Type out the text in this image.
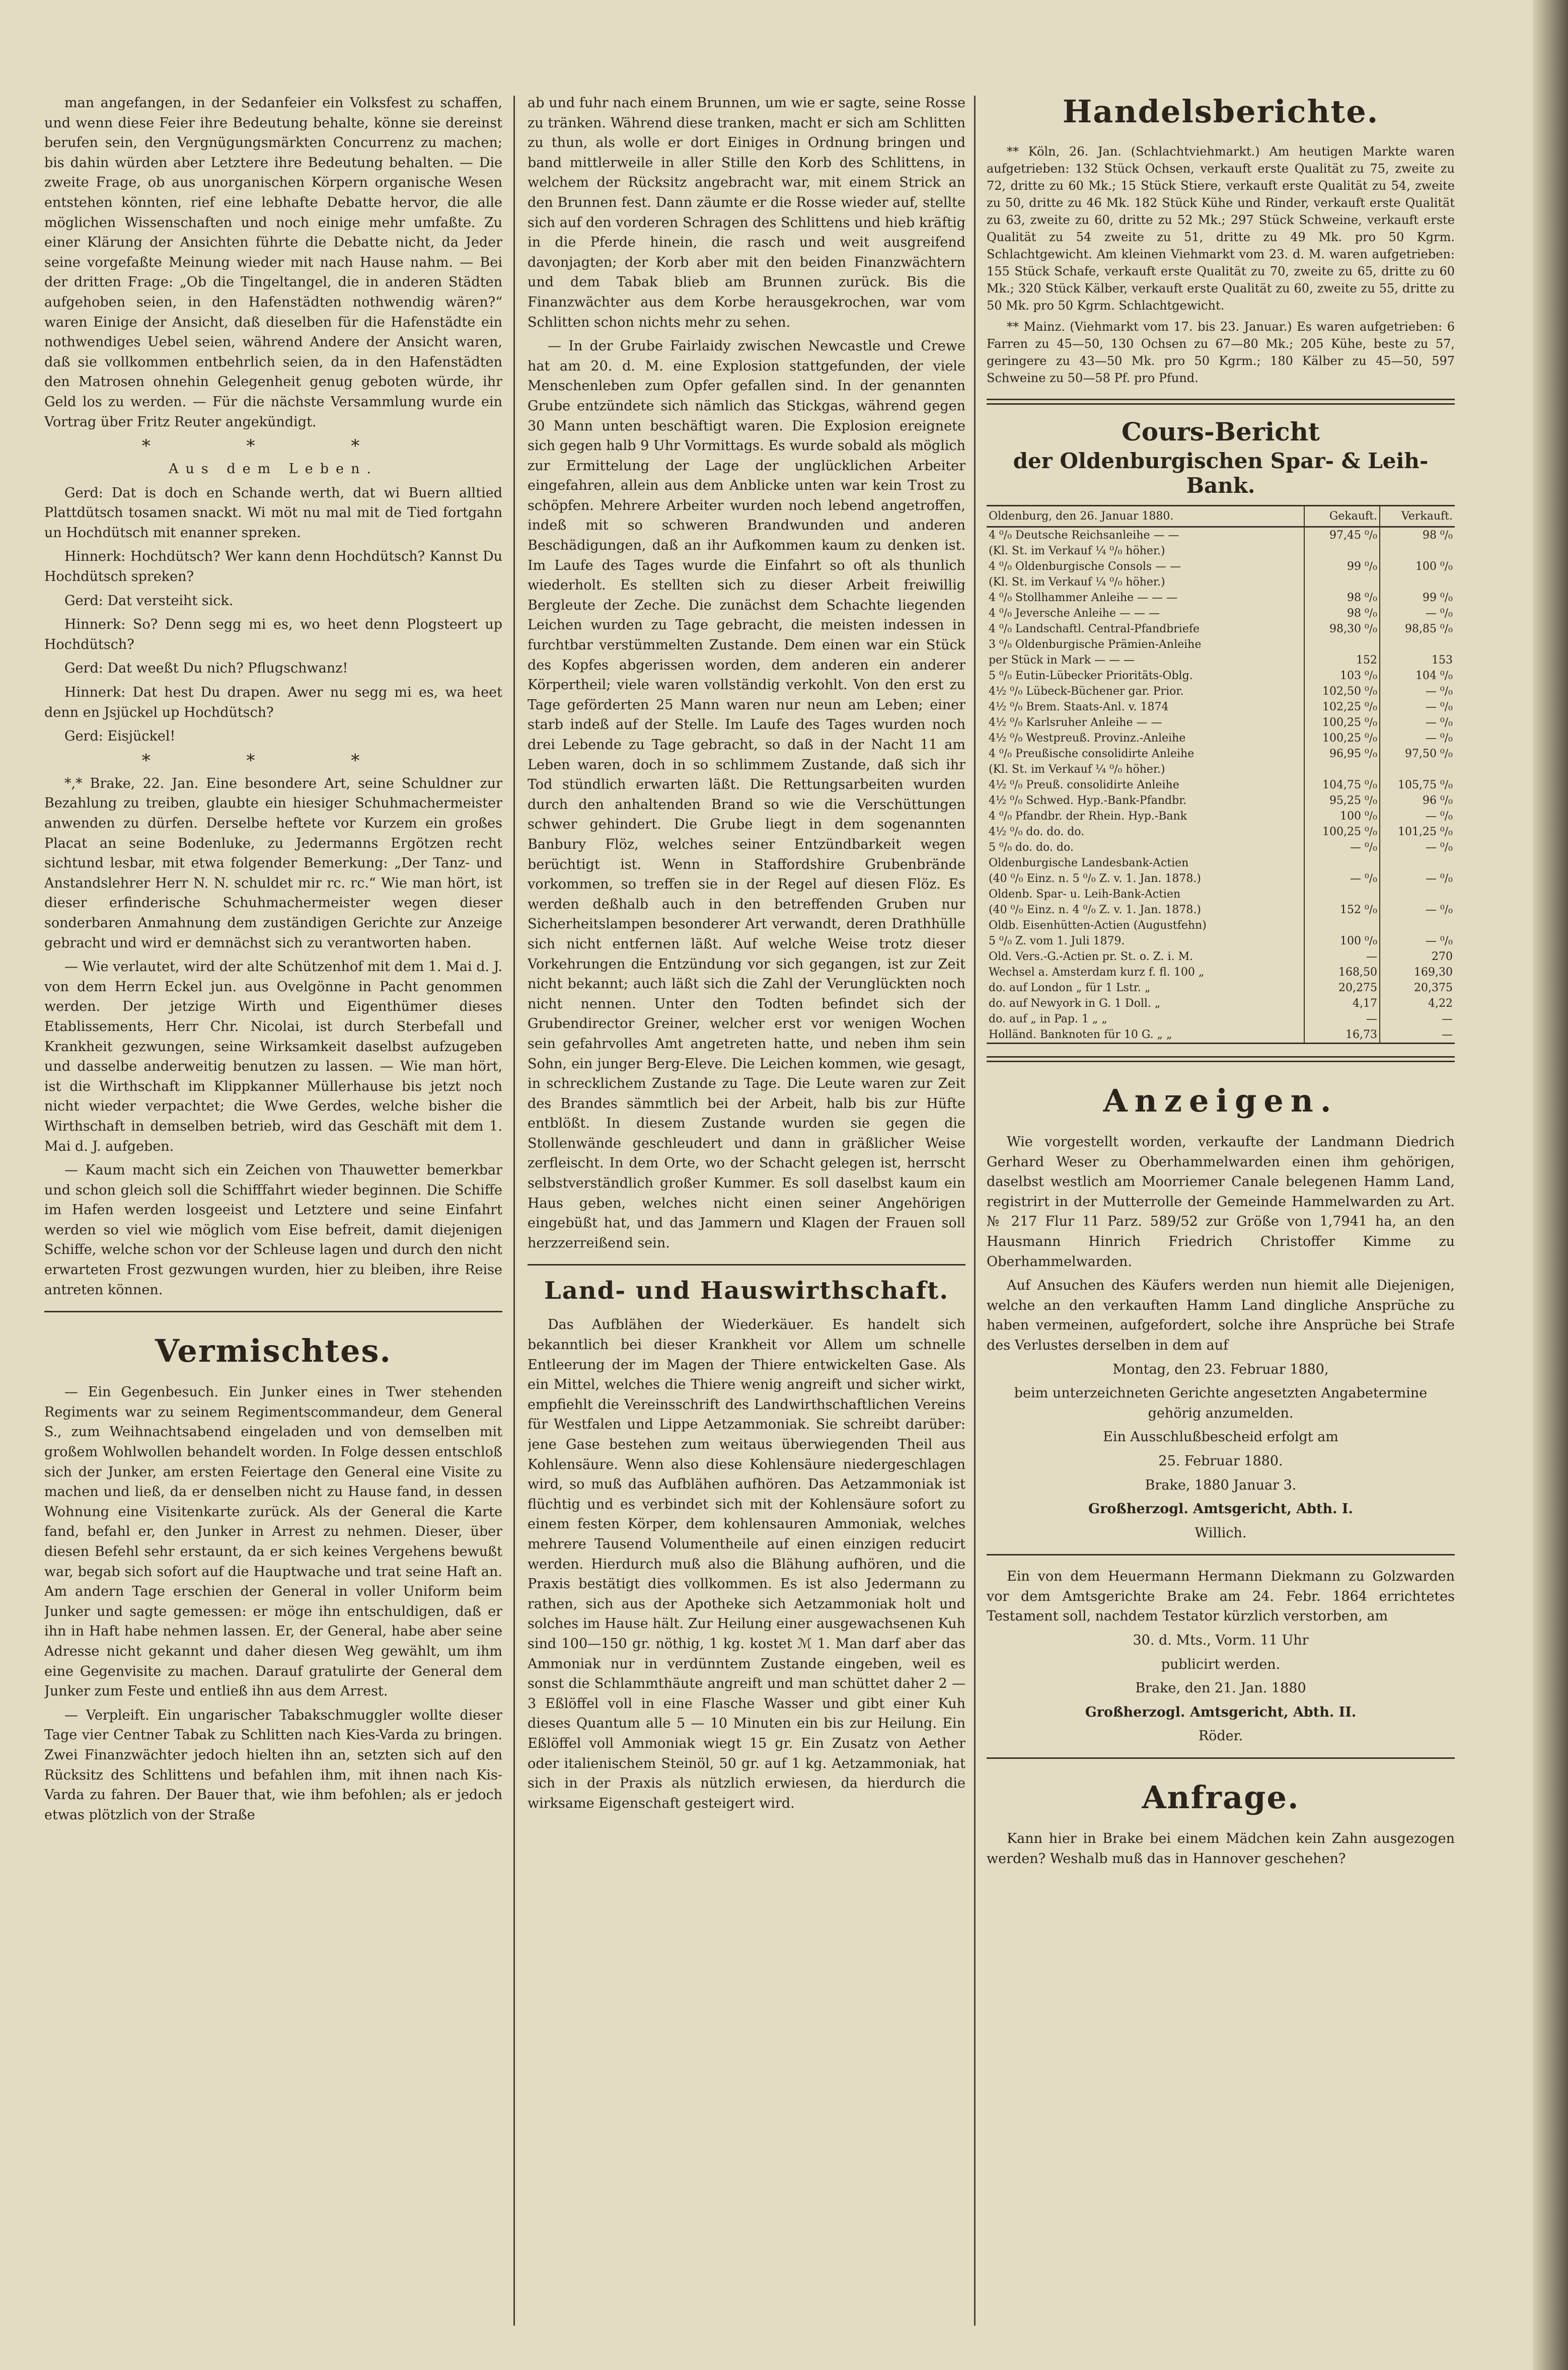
man angefangen, in der Sedanfeier ein Volksfest zu schaffen, und wenn diese Feier ihre Bedeutung behalte, könne sie dereinst berufen sein, den Vergnügungsmärkten Concurrenz zu machen; bis dahin würden aber Letztere ihre Bedeutung behalten. — Die zweite Frage, ob aus unorganischen Körpern organische Wesen entstehen könnten, rief eine lebhafte Debatte hervor, die alle möglichen Wissenschaften und noch einige mehr umfaßte. Zu einer Klärung der Ansichten führte die Debatte nicht, da Jeder seine vorgefaßte Meinung wieder mit nach Hause nahm. — Bei der dritten Frage: „Ob die Tingeltangel, die in anderen Städten aufgehoben seien, in den Hafenstädten nothwendig wären?“ waren Einige der Ansicht, daß dieselben für die Hafenstädte ein nothwendiges Uebel seien, während Andere der Ansicht waren, daß sie vollkommen entbehrlich seien, da in den Hafenstädten den Matrosen ohnehin Gelegenheit genug geboten würde, ihr Geld los zu werden. — Für die nächste Versammlung wurde ein Vortrag über Fritz Reuter angekündigt.

* * *

Aus dem Leben.

Gerd: Dat is doch en Schande werth, dat wi Buern alltied Plattdütsch tosamen snackt. Wi möt nu mal mit de Tied fortgahn un Hochdütsch mit enanner spreken.

Hinnerk: Hochdütsch? Wer kann denn Hochdütsch? Kannst Du Hochdütsch spreken?

Gerd: Dat versteiht sick.

Hinnerk: So? Denn segg mi es, wo heet denn Plogsteert up Hochdütsch?

Gerd: Dat weeßt Du nich? Pflugschwanz!

Hinnerk: Dat hest Du drapen. Awer nu segg mi es, wa heet denn en Jsjückel up Hochdütsch?

Gerd: Eisjückel!

* * *

*,* Brake, 22. Jan. Eine besondere Art, seine Schuldner zur Bezahlung zu treiben, glaubte ein hiesiger Schuhmachermeister anwenden zu dürfen. Derselbe heftete vor Kurzem ein großes Placat an seine Bodenluke, zu Jedermanns Ergötzen recht sichtund lesbar, mit etwa folgender Bemerkung: „Der Tanz- und Anstandslehrer Herr N. N. schuldet mir rc. rc.“ Wie man hört, ist dieser erfinderische Schuhmachermeister wegen dieser sonderbaren Anmahnung dem zuständigen Gerichte zur Anzeige gebracht und wird er demnächst sich zu verantworten haben.

— Wie verlautet, wird der alte Schützenhof mit dem 1. Mai d. J. von dem Herrn Eckel jun. aus Ovelgönne in Pacht genommen werden. Der jetzige Wirth und Eigenthümer dieses Etablissements, Herr Chr. Nicolai, ist durch Sterbefall und Krankheit gezwungen, seine Wirksamkeit daselbst aufzugeben und dasselbe anderweitig benutzen zu lassen. — Wie man hört, ist die Wirthschaft im Klippkanner Müllerhause bis jetzt noch nicht wieder verpachtet; die Wwe Gerdes, welche bisher die Wirthschaft in demselben betrieb, wird das Geschäft mit dem 1. Mai d. J. aufgeben.

— Kaum macht sich ein Zeichen von Thauwetter bemerkbar und schon gleich soll die Schifffahrt wieder beginnen. Die Schiffe im Hafen werden losgeeist und Letztere und seine Einfahrt werden so viel wie möglich vom Eise befreit, damit diejenigen Schiffe, welche schon vor der Schleuse lagen und durch den nicht erwarteten Frost gezwungen wurden, hier zu bleiben, ihre Reise antreten können.

Vermischtes.

— Ein Gegenbesuch. Ein Junker eines in Twer stehenden Regiments war zu seinem Regimentscommandeur, dem General S., zum Weihnachtsabend eingeladen und von demselben mit großem Wohlwollen behandelt worden. In Folge dessen entschloß sich der Junker, am ersten Feiertage den General eine Visite zu machen und ließ, da er denselben nicht zu Hause fand, in dessen Wohnung eine Visitenkarte zurück. Als der General die Karte fand, befahl er, den Junker in Arrest zu nehmen. Dieser, über diesen Befehl sehr erstaunt, da er sich keines Vergehens bewußt war, begab sich sofort auf die Hauptwache und trat seine Haft an. Am andern Tage erschien der General in voller Uniform beim Junker und sagte gemessen: er möge ihn entschuldigen, daß er ihn in Haft habe nehmen lassen. Er, der General, habe aber seine Adresse nicht gekannt und daher diesen Weg gewählt, um ihm eine Gegenvisite zu machen. Darauf gratulirte der General dem Junker zum Feste und entließ ihn aus dem Arrest.

— Verpleift. Ein ungarischer Tabakschmuggler wollte dieser Tage vier Centner Tabak zu Schlitten nach Kies-Varda zu bringen. Zwei Finanzwächter jedoch hielten ihn an, setzten sich auf den Rücksitz des Schlittens und befahlen ihm, mit ihnen nach Kis-Varda zu fahren. Der Bauer that, wie ihm befohlen; als er jedoch etwas plötzlich von der Straße

ab und fuhr nach einem Brunnen, um wie er sagte, seine Rosse zu tränken. Während diese tranken, macht er sich am Schlitten zu thun, als wolle er dort Einiges in Ordnung bringen und band mittlerweile in aller Stille den Korb des Schlittens, in welchem der Rücksitz angebracht war, mit einem Strick an den Brunnen fest. Dann zäumte er die Rosse wieder auf, stellte sich auf den vorderen Schragen des Schlittens und hieb kräftig in die Pferde hinein, die rasch und weit ausgreifend davonjagten; der Korb aber mit den beiden Finanzwächtern und dem Tabak blieb am Brunnen zurück. Bis die Finanzwächter aus dem Korbe herausgekrochen, war vom Schlitten schon nichts mehr zu sehen.

— In der Grube Fairlaidy zwischen Newcastle und Crewe hat am 20. d. M. eine Explosion stattgefunden, der viele Menschenleben zum Opfer gefallen sind. In der genannten Grube entzündete sich nämlich das Stickgas, während gegen 30 Mann unten beschäftigt waren. Die Explosion ereignete sich gegen halb 9 Uhr Vormittags. Es wurde sobald als möglich zur Ermittelung der Lage der unglücklichen Arbeiter eingefahren, allein aus dem Anblicke unten war kein Trost zu schöpfen. Mehrere Arbeiter wurden noch lebend angetroffen, indeß mit so schweren Brandwunden und anderen Beschädigungen, daß an ihr Aufkommen kaum zu denken ist. Im Laufe des Tages wurde die Einfahrt so oft als thunlich wiederholt. Es stellten sich zu dieser Arbeit freiwillig Bergleute der Zeche. Die zunächst dem Schachte liegenden Leichen wurden zu Tage gebracht, die meisten indessen in furchtbar verstümmelten Zustande. Dem einen war ein Stück des Kopfes abgerissen worden, dem anderen ein anderer Körpertheil; viele waren vollständig verkohlt. Von den erst zu Tage geförderten 25 Mann waren nur neun am Leben; einer starb indeß auf der Stelle. Im Laufe des Tages wurden noch drei Lebende zu Tage gebracht, so daß in der Nacht 11 am Leben waren, doch in so schlimmem Zustande, daß sich ihr Tod stündlich erwarten läßt. Die Rettungsarbeiten wurden durch den anhaltenden Brand so wie die Verschüttungen schwer gehindert. Die Grube liegt in dem sogenannten Banbury Flöz, welches seiner Entzündbarkeit wegen berüchtigt ist. Wenn in Staffordshire Grubenbrände vorkommen, so treffen sie in der Regel auf diesen Flöz. Es werden deßhalb auch in den betreffenden Gruben nur Sicherheitslampen besonderer Art verwandt, deren Drathhülle sich nicht entfernen läßt. Auf welche Weise trotz dieser Vorkehrungen die Entzündung vor sich gegangen, ist zur Zeit nicht bekannt; auch läßt sich die Zahl der Verunglückten noch nicht nennen. Unter den Todten befindet sich der Grubendirector Greiner, welcher erst vor wenigen Wochen sein gefahrvolles Amt angetreten hatte, und neben ihm sein Sohn, ein junger Berg-Eleve. Die Leichen kommen, wie gesagt, in schrecklichem Zustande zu Tage. Die Leute waren zur Zeit des Brandes sämmtlich bei der Arbeit, halb bis zur Hüfte entblößt. In diesem Zustande wurden sie gegen die Stollenwände geschleudert und dann in gräßlicher Weise zerfleischt. In dem Orte, wo der Schacht gelegen ist, herrscht selbstverständlich großer Kummer. Es soll daselbst kaum ein Haus geben, welches nicht einen seiner Angehörigen eingebüßt hat, und das Jammern und Klagen der Frauen soll herzzerreißend sein.

Land- und Hauswirthschaft.

Das Aufblähen der Wiederkäuer. Es handelt sich bekanntlich bei dieser Krankheit vor Allem um schnelle Entleerung der im Magen der Thiere entwickelten Gase. Als ein Mittel, welches die Thiere wenig angreift und sicher wirkt, empfiehlt die Vereinsschrift des Landwirthschaftlichen Vereins für Westfalen und Lippe Aetzammoniak. Sie schreibt darüber: jene Gase bestehen zum weitaus überwiegenden Theil aus Kohlensäure. Wenn also diese Kohlensäure niedergeschlagen wird, so muß das Aufblähen aufhören. Das Aetzammoniak ist flüchtig und es verbindet sich mit der Kohlensäure sofort zu einem festen Körper, dem kohlensauren Ammoniak, welches mehrere Tausend Volumentheile auf einen einzigen reducirt werden. Hierdurch muß also die Blähung aufhören, und die Praxis bestätigt dies vollkommen. Es ist also Jedermann zu rathen, sich aus der Apotheke sich Aetzammoniak holt und solches im Hause hält. Zur Heilung einer ausgewachsenen Kuh sind 100—150 gr. nöthig, 1 kg. kostet ℳ 1. Man darf aber das Ammoniak nur in verdünntem Zustande eingeben, weil es sonst die Schlammthäute angreift und man schüttet daher 2 — 3 Eßlöffel voll in eine Flasche Wasser und gibt einer Kuh dieses Quantum alle 5 — 10 Minuten ein bis zur Heilung. Ein Eßlöffel voll Ammoniak wiegt 15 gr. Ein Zusatz von Aether oder italienischem Steinöl, 50 gr. auf 1 kg. Aetzammoniak, hat sich in der Praxis als nützlich erwiesen, da hierdurch die wirksame Eigenschaft gesteigert wird.

Handelsberichte.

** Köln, 26. Jan. (Schlachtviehmarkt.) Am heutigen Markte waren aufgetrieben: 132 Stück Ochsen, verkauft erste Qualität zu 75, zweite zu 72, dritte zu 60 Mk.; 15 Stück Stiere, verkauft erste Qualität zu 54, zweite zu 50, dritte zu 46 Mk. 182 Stück Kühe und Rinder, verkauft erste Qualität zu 63, zweite zu 60, dritte zu 52 Mk.; 297 Stück Schweine, verkauft erste Qualität zu 54 zweite zu 51, dritte zu 49 Mk. pro 50 Kgrm. Schlachtgewicht. Am kleinen Viehmarkt vom 23. d. M. waren aufgetrieben: 155 Stück Schafe, verkauft erste Qualität zu 70, zweite zu 65, dritte zu 60 Mk.; 320 Stück Kälber, verkauft erste Qualität zu 60, zweite zu 55, dritte zu 50 Mk. pro 50 Kgrm. Schlachtgewicht.

** Mainz. (Viehmarkt vom 17. bis 23. Januar.) Es waren aufgetrieben: 6 Farren zu 45—50, 130 Ochsen zu 67—80 Mk.; 205 Kühe, beste zu 57, geringere zu 43—50 Mk. pro 50 Kgrm.; 180 Kälber zu 45—50, 597 Schweine zu 50—58 Pf. pro Pfund.

Cours-Bericht
der Oldenburgischen Spar- & Leih-Bank.
Oldenburg, den 26. Januar 1880.	Gekauft.	Verkauft.
4 ⁰/₀ Deutsche Reichsanleihe — —	97,45 ⁰/₀	98 ⁰/₀
(Kl. St. im Verkauf ¼ ⁰/₀ höher.)		
4 ⁰/₀ Oldenburgische Consols — —	99 ⁰/₀	100 ⁰/₀
(Kl. St. im Verkauf ¼ ⁰/₀ höher.)		
4 ⁰/₀ Stollhammer Anleihe — — —	98 ⁰/₀	99 ⁰/₀
4 ⁰/₀ Jeversche Anleihe — — —	98 ⁰/₀	— ⁰/₀
4 ⁰/₀ Landschaftl. Central-Pfandbriefe	98,30 ⁰/₀	98,85 ⁰/₀
3 ⁰/₀ Oldenburgische Prämien-Anleihe		
per Stück in Mark — — —	152	153
5 ⁰/₀ Eutin-Lübecker Prioritäts-Oblg.	103 ⁰/₀	104 ⁰/₀
4½ ⁰/₀ Lübeck-Büchener gar. Prior.	102,50 ⁰/₀	— ⁰/₀
4½ ⁰/₀ Brem. Staats-Anl. v. 1874	102,25 ⁰/₀	— ⁰/₀
4½ ⁰/₀ Karlsruher Anleihe — —	100,25 ⁰/₀	— ⁰/₀
4½ ⁰/₀ Westpreuß. Provinz.-Anleihe	100,25 ⁰/₀	— ⁰/₀
4 ⁰/₀ Preußische consolidirte Anleihe	96,95 ⁰/₀	97,50 ⁰/₀
(Kl. St. im Verkauf ¼ ⁰/₀ höher.)		
4½ ⁰/₀ Preuß. consolidirte Anleihe	104,75 ⁰/₀	105,75 ⁰/₀
4½ ⁰/₀ Schwed. Hyp.-Bank-Pfandbr.	95,25 ⁰/₀	96 ⁰/₀
4 ⁰/₀ Pfandbr. der Rhein. Hyp.-Bank	100 ⁰/₀	— ⁰/₀
4½ ⁰/₀ do. do. do.	100,25 ⁰/₀	101,25 ⁰/₀
5 ⁰/₀ do. do. do.	— ⁰/₀	— ⁰/₀
Oldenburgische Landesbank-Actien		
(40 ⁰/₀ Einz. n. 5 ⁰/₀ Z. v. 1. Jan. 1878.)	— ⁰/₀	— ⁰/₀
Oldenb. Spar- u. Leih-Bank-Actien		
(40 ⁰/₀ Einz. n. 4 ⁰/₀ Z. v. 1. Jan. 1878.)	152 ⁰/₀	— ⁰/₀
Oldb. Eisenhütten-Actien (Augustfehn)		
5 ⁰/₀ Z. vom 1. Juli 1879.	100 ⁰/₀	— ⁰/₀
Old. Vers.-G.-Actien pr. St. o. Z. i. M.	—	270
Wechsel a. Amsterdam kurz f. fl. 100 „	168,50	169,30
do. auf London „ für 1 Lstr. „	20,275	20,375
do. auf Newyork in G. 1 Doll. „	4,17	4,22
do. auf „ in Pap. 1 „ „	—	—
Holländ. Banknoten für 10 G. „ „	16,73	—
Anzeigen.

Wie vorgestellt worden, verkaufte der Landmann Diedrich Gerhard Weser zu Oberhammelwarden einen ihm gehörigen, daselbst westlich am Moorriemer Canale belegenen Hamm Land, registrirt in der Mutterrolle der Gemeinde Hammelwarden zu Art. № 217 Flur 11 Parz. 589/52 zur Größe von 1,7941 ha, an den Hausmann Hinrich Friedrich Christoffer Kimme zu Oberhammelwarden.

Auf Ansuchen des Käufers werden nun hiemit alle Diejenigen, welche an den verkauften Hamm Land dingliche Ansprüche zu haben vermeinen, aufgefordert, solche ihre Ansprüche bei Strafe des Verlustes derselben in dem auf

Montag, den 23. Februar 1880,

beim unterzeichneten Gerichte angesetzten Angabetermine gehörig anzumelden.

Ein Ausschlußbescheid erfolgt am

25. Februar 1880.

Brake, 1880 Januar 3.

Großherzogl. Amtsgericht, Abth. I.

Willich.

Ein von dem Heuermann Hermann Diekmann zu Golzwarden vor dem Amtsgerichte Brake am 24. Febr. 1864 errichtetes Testament soll, nachdem Testator kürzlich verstorben, am

30. d. Mts., Vorm. 11 Uhr

publicirt werden.

Brake, den 21. Jan. 1880

Großherzogl. Amtsgericht, Abth. II.

Röder.

Anfrage.

Kann hier in Brake bei einem Mädchen kein Zahn ausgezogen werden? Weshalb muß das in Hannover geschehen?
